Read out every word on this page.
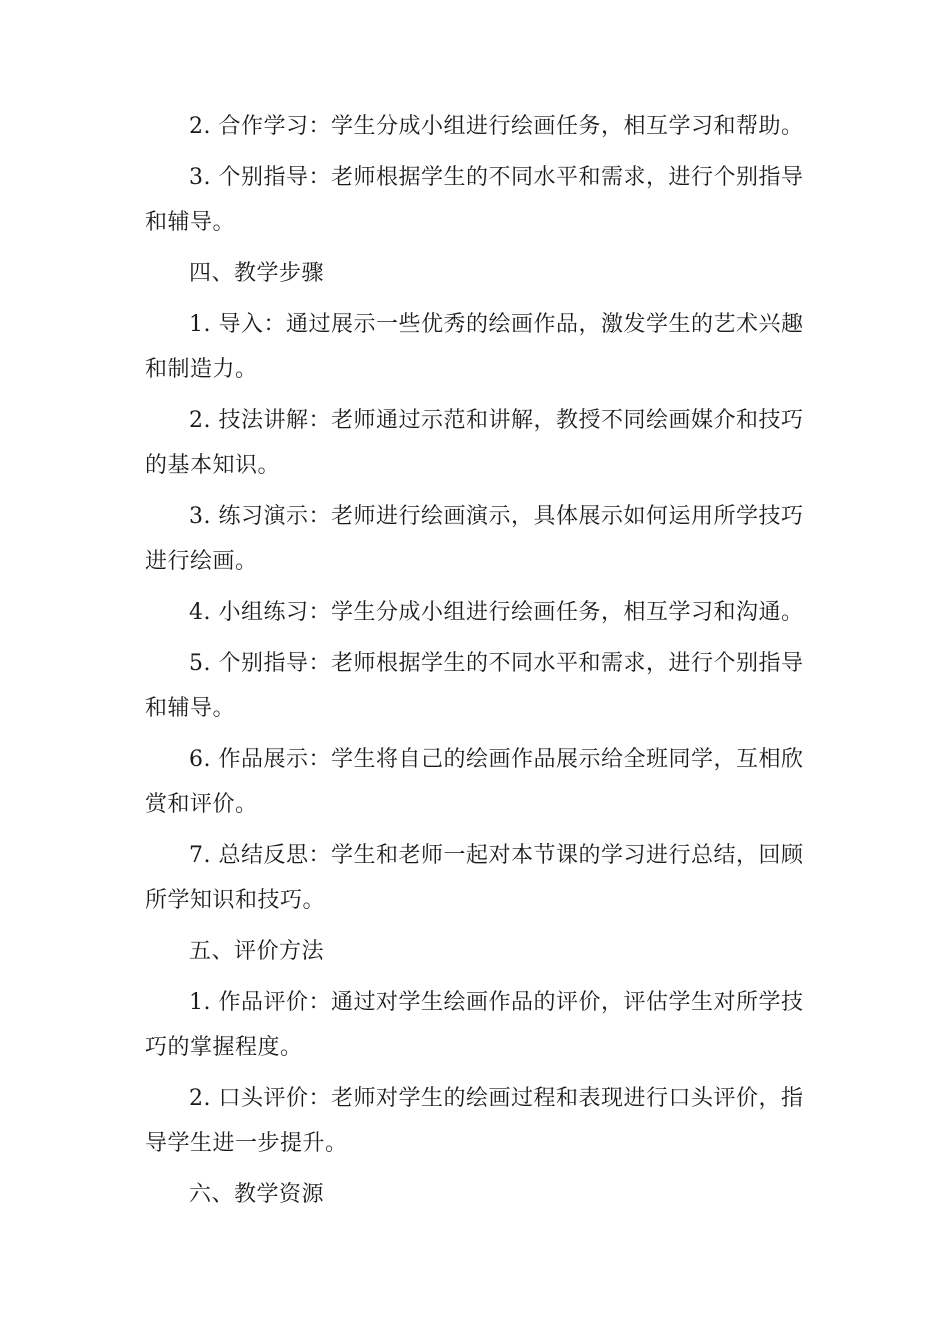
2. 合作学习：学生分成小组进行绘画任务，相互学习和帮助。

3. 个别指导：老师根据学生的不同水平和需求，进行个别指导和辅导。

四、教学步骤

1. 导入：通过展示一些优秀的绘画作品，激发学生的艺术兴趣和制造力。

2. 技法讲解：老师通过示范和讲解，教授不同绘画媒介和技巧的基本知识。

3. 练习演示：老师进行绘画演示，具体展示如何运用所学技巧进行绘画。

4. 小组练习：学生分成小组进行绘画任务，相互学习和沟通。

5. 个别指导：老师根据学生的不同水平和需求，进行个别指导和辅导。

6. 作品展示：学生将自己的绘画作品展示给全班同学，互相欣赏和评价。

7. 总结反思：学生和老师一起对本节课的学习进行总结，回顾所学知识和技巧。

五、评价方法

1. 作品评价：通过对学生绘画作品的评价，评估学生对所学技巧的掌握程度。

2. 口头评价：老师对学生的绘画过程和表现进行口头评价，指导学生进一步提升。

六、教学资源
